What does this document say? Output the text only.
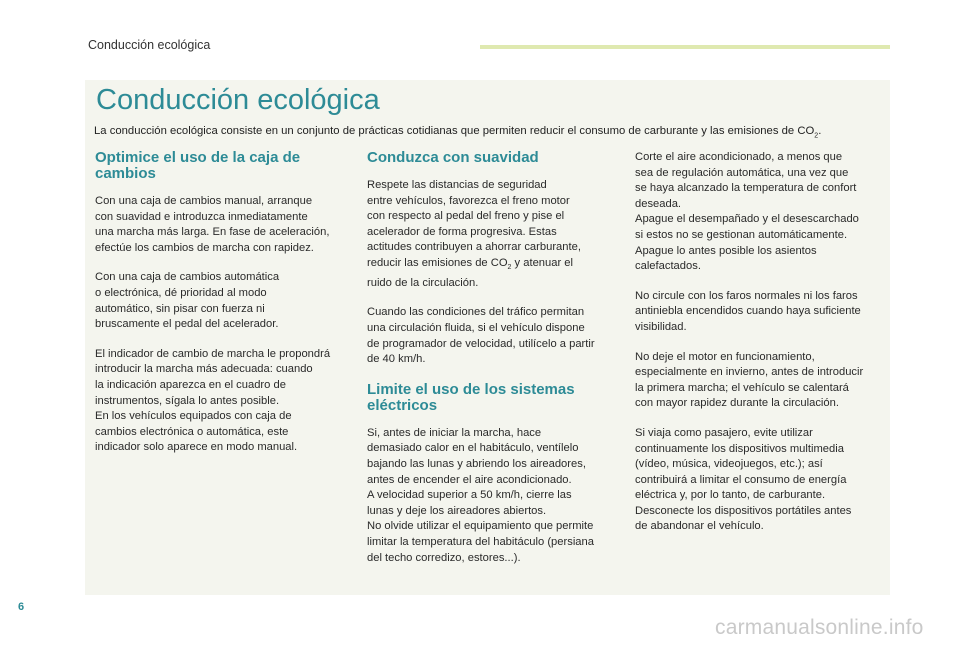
Conducción ecológica
Conducción ecológica

La conducción ecológica consiste en un conjunto de prácticas cotidianas que permiten reducir el consumo de carburante y las emisiones de $CO_2$.

Optimice el uso de la caja de
cambios

Con una caja de cambios manual, arranque
con suavidad e introduzca inmediatamente
una marcha más larga. En fase de aceleración,
efectúe los cambios de marcha con rapidez.

Con una caja de cambios automática
o electrónica, dé prioridad al modo
automático, sin pisar con fuerza ni
bruscamente el pedal del acelerador.

El indicador de cambio de marcha le propondrá
introducir la marcha más adecuada: cuando
la indicación aparezca en el cuadro de
instrumentos, sígala lo antes posible.
En los vehículos equipados con caja de
cambios electrónica o automática, este
indicador solo aparece en modo manual.

Conduzca con suavidad

Respete las distancias de seguridad
entre vehículos, favorezca el freno motor
con respecto al pedal del freno y pise el
acelerador de forma progresiva. Estas
actitudes contribuyen a ahorrar carburante,
reducir las emisiones de $CO_2$ y atenuar el
ruido de la circulación.

Cuando las condiciones del tráfico permitan
una circulación fluida, si el vehículo dispone
de programador de velocidad, utilícelo a partir
de 40 km/h.

Limite el uso de los sistemas
eléctricos

Si, antes de iniciar la marcha, hace
demasiado calor en el habitáculo, ventílelo
bajando las lunas y abriendo los aireadores,
antes de encender el aire acondicionado.
A velocidad superior a 50 km/h, cierre las
lunas y deje los aireadores abiertos.
No olvide utilizar el equipamiento que permite
limitar la temperatura del habitáculo (persiana
del techo corredizo, estores...).

Corte el aire acondicionado, a menos que
sea de regulación automática, una vez que
se haya alcanzado la temperatura de confort
deseada.
Apague el desempañado y el desescarchado
si estos no se gestionan automáticamente.
Apague lo antes posible los asientos
calefactados.

No circule con los faros normales ni los faros
antiniebla encendidos cuando haya suficiente
visibilidad.

No deje el motor en funcionamiento,
especialmente en invierno, antes de introducir
la primera marcha; el vehículo se calentará
con mayor rapidez durante la circulación.

Si viaja como pasajero, evite utilizar
continuamente los dispositivos multimedia
(vídeo, música, videojuegos, etc.); así
contribuirá a limitar el consumo de energía
eléctrica y, por lo tanto, de carburante.
Desconecte los dispositivos portátiles antes
de abandonar el vehículo.

6
carmanualsonline.info
